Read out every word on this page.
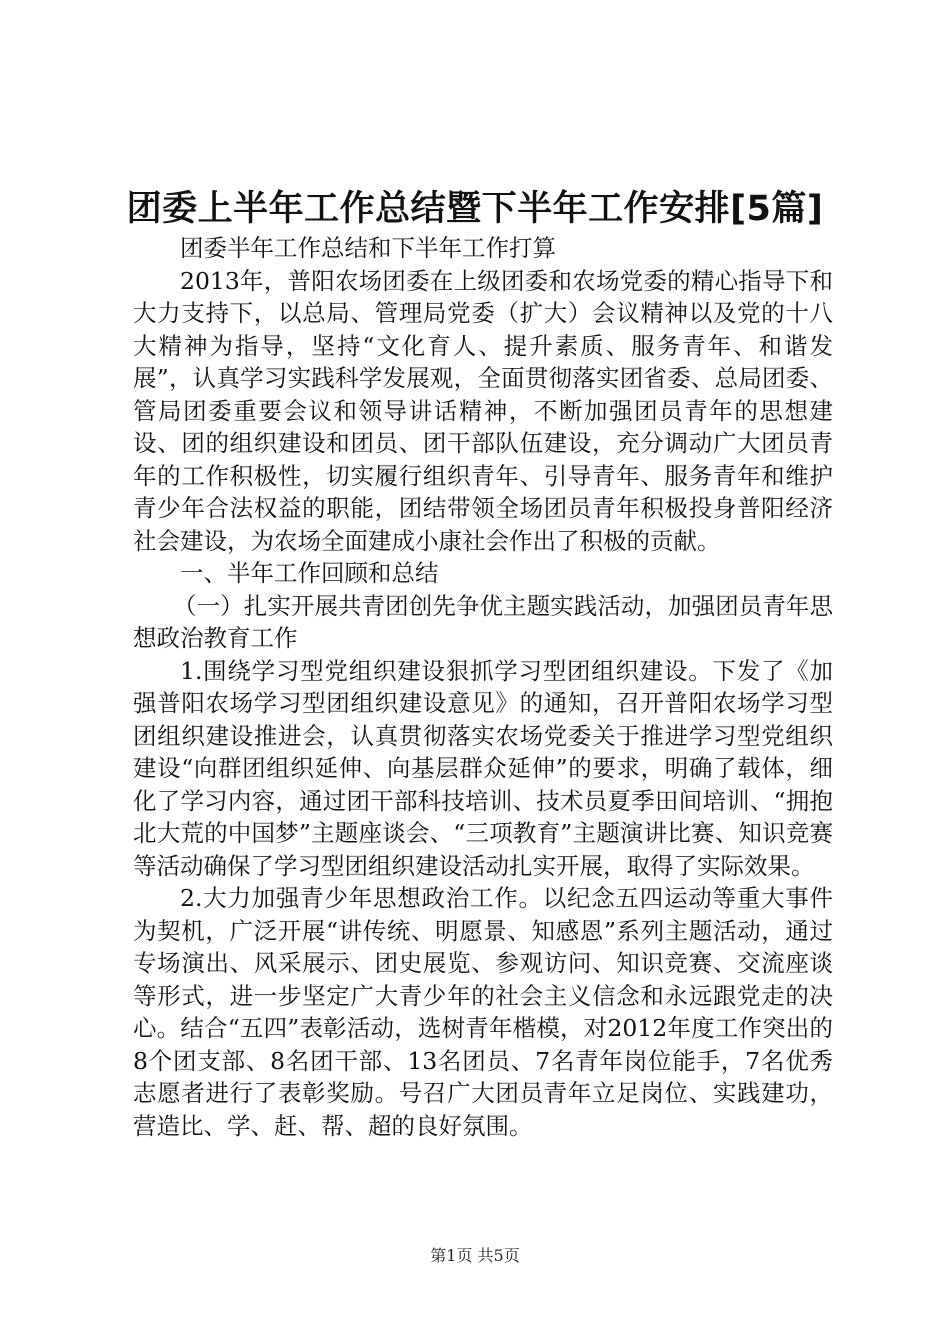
团委上半年工作总结暨下半年工作安排[5篇]

团委半年工作总结和下半年工作打算

2013年，普阳农场团委在上级团委和农场党委的精心指导下和大力支持下，以总局、管理局党委（扩大）会议精神以及党的十八大精神为指导，坚持“文化育人、提升素质、服务青年、和谐发展”，认真学习实践科学发展观，全面贯彻落实团省委、总局团委、管局团委重要会议和领导讲话精神，不断加强团员青年的思想建设、团的组织建设和团员、团干部队伍建设，充分调动广大团员青年的工作积极性，切实履行组织青年、引导青年、服务青年和维护青少年合法权益的职能，团结带领全场团员青年积极投身普阳经济社会建设，为农场全面建成小康社会作出了积极的贡献。

一、半年工作回顾和总结

（一）扎实开展共青团创先争优主题实践活动，加强团员青年思想政治教育工作

1.围绕学习型党组织建设狠抓学习型团组织建设。下发了《加强普阳农场学习型团组织建设意见》的通知，召开普阳农场学习型团组织建设推进会，认真贯彻落实农场党委关于推进学习型党组织建设“向群团组织延伸、向基层群众延伸”的要求，明确了载体，细化了学习内容，通过团干部科技培训、技术员夏季田间培训、“拥抱北大荒的中国梦”主题座谈会、“三项教育”主题演讲比赛、知识竞赛等活动确保了学习型团组织建设活动扎实开展，取得了实际效果。

2.大力加强青少年思想政治工作。以纪念五四运动等重大事件为契机，广泛开展“讲传统、明愿景、知感恩”系列主题活动，通过专场演出、风采展示、团史展览、参观访问、知识竞赛、交流座谈等形式，进一步坚定广大青少年的社会主义信念和永远跟党走的决心。结合“五四”表彰活动，选树青年楷模，对2012年度工作突出的8个团支部、8名团干部、13名团员、7名青年岗位能手，7名优秀志愿者进行了表彰奖励。号召广大团员青年立足岗位、实践建功，营造比、学、赶、帮、超的良好氛围。

第1页 共5页
